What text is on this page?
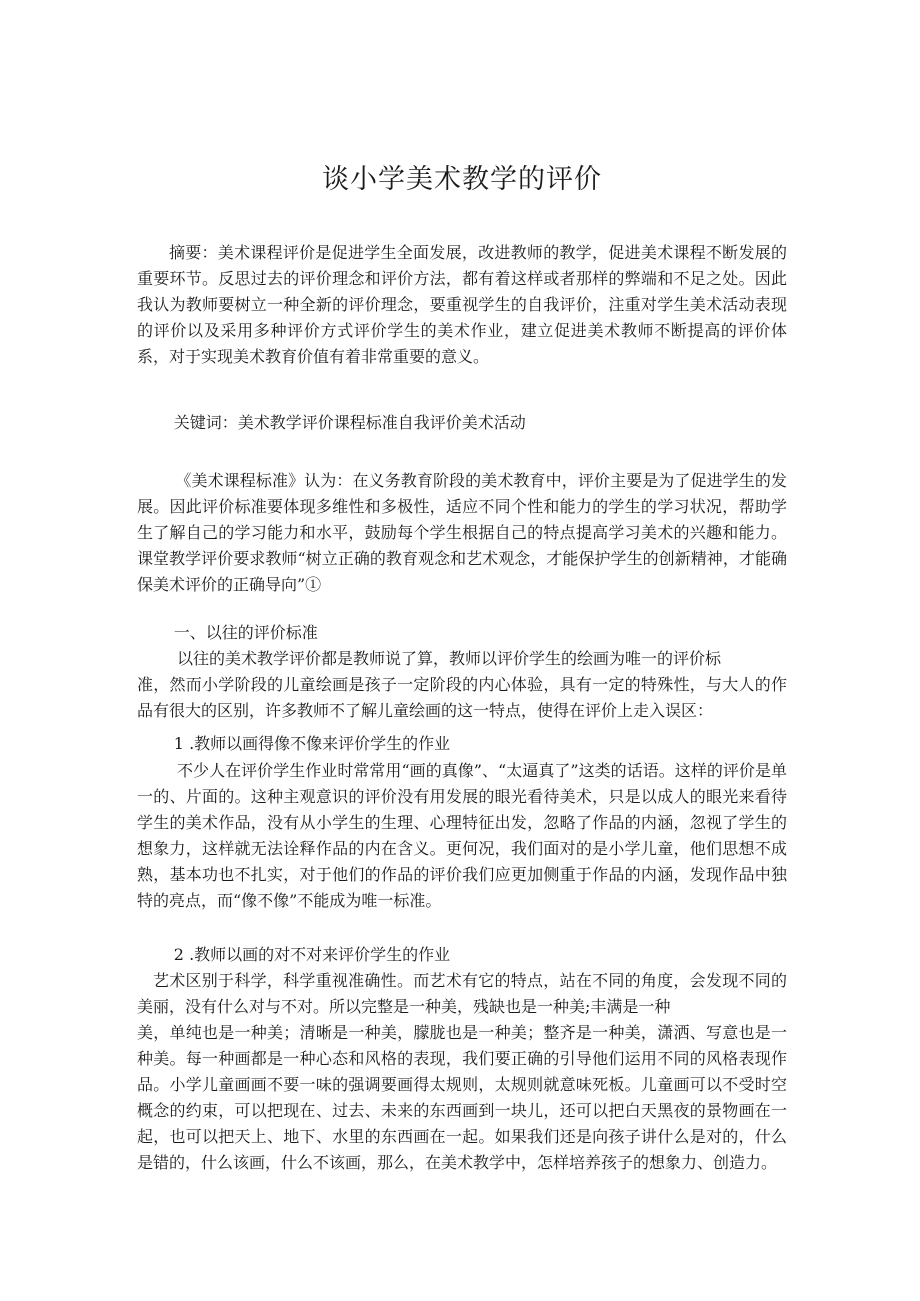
谈小学美术教学的评价

摘要：美术课程评价是促进学生全面发展，改进教师的教学，促进美术课程不断发展的重要环节。反思过去的评价理念和评价方法，都有着这样或者那样的弊端和不足之处。因此我认为教师要树立一种全新的评价理念，要重视学生的自我评价，注重对学生美术活动表现的评价以及采用多种评价方式评价学生的美术作业，建立促进美术教师不断提高的评价体系，对于实现美术教育价值有着非常重要的意义。

关键词：美术教学评价课程标准自我评价美术活动

《美术课程标准》认为：在义务教育阶段的美术教育中，评价主要是为了促进学生的发展。因此评价标准要体现多维性和多极性，适应不同个性和能力的学生的学习状况，帮助学生了解自己的学习能力和水平，鼓励每个学生根据自己的特点提高学习美术的兴趣和能力。课堂教学评价要求教师“树立正确的教育观念和艺术观念，才能保护学生的创新精神，才能确保美术评价的正确导向”①

一、以往的评价标准

以往的美术教学评价都是教师说了算，教师以评价学生的绘画为唯一的评价标
准，然而小学阶段的儿童绘画是孩子一定阶段的内心体验，具有一定的特殊性，与大人的作品有很大的区别，许多教师不了解儿童绘画的这一特点，使得在评价上走入误区：

1 .教师以画得像不像来评价学生的作业

不少人在评价学生作业时常常用“画的真像”、“太逼真了”这类的话语。这样的评价是单一的、片面的。这种主观意识的评价没有用发展的眼光看待美术，只是以成人的眼光来看待学生的美术作品，没有从小学生的生理、心理特征出发，忽略了作品的内涵，忽视了学生的想象力，这样就无法诠释作品的内在含义。更何况，我们面对的是小学儿童，他们思想不成熟，基本功也不扎实，对于他们的作品的评价我们应更加侧重于作品的内涵，发现作品中独特的亮点，而“像不像”不能成为唯一标准。

2 .教师以画的对不对来评价学生的作业

艺术区别于科学，科学重视准确性。而艺术有它的特点，站在不同的角度，会发现不同的美丽，没有什么对与不对。所以完整是一种美，残缺也是一种美;丰满是一种
美，单纯也是一种美；清晰是一种美，朦胧也是一种美；整齐是一种美，潇洒、写意也是一种美。每一种画都是一种心态和风格的表现，我们要正确的引导他们运用不同的风格表现作品。小学儿童画画不要一味的强调要画得太规则，太规则就意味死板。儿童画可以不受时空概念的约束，可以把现在、过去、未来的东西画到一块儿，还可以把白天黑夜的景物画在一起，也可以把天上、地下、水里的东西画在一起。如果我们还是向孩子讲什么是对的，什么是错的，什么该画，什么不该画，那么，在美术教学中，怎样培养孩子的想象力、创造力。
